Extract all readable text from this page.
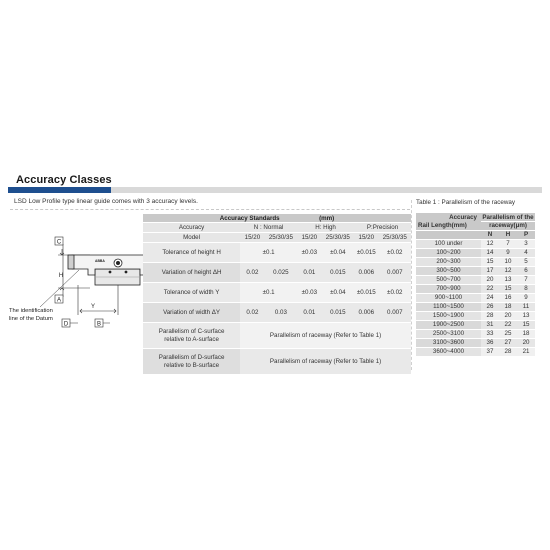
Accuracy Classes
LSD Low Profile type linear guide comes with 3 accuracy levels.
ABBA
C
H
A
D	B
Y
The identification
line of the Datum
Accuracy Standards (mm)						
Accuracy	N : Normal		H: High		P:Precision	
Model	15/20	25/30/35	15/20	25/30/35	15/20	25/30/35
Tolerance of height H	±0.1		±0.03	±0.04	±0.015	±0.02
Variation of height ΔH	0.02	0.025	0.01	0.015	0.006	0.007
Tolerance of width Y	±0.1		±0.03	±0.04	±0.015	±0.02
Variation of width ΔY	0.02	0.03	0.01	0.015	0.006	0.007

Parallelism of C-surface
relative to A-surface	Parallelism of raceway (Refer to Table 1)					

Parallelism of D-surface
relative to B-surface	Parallelism of raceway (Refer to Table 1)					
Table 1 : Parallelism of the raceway
Accuracy
Rail Length(mm)	Parallelism of the		

	raceway(μm)		
	N	H	P
100 under	12	7	3
100~200	14	9	4
200~300	15	10	5
300~500	17	12	6
500~700	20	13	7
700~900	22	15	8
900~1100	24	16	9
1100~1500	26	18	11
1500~1900	28	20	13
1900~2500	31	22	15
2500~3100	33	25	18
3100~3600	36	27	20
3600~4000	37	28	21
